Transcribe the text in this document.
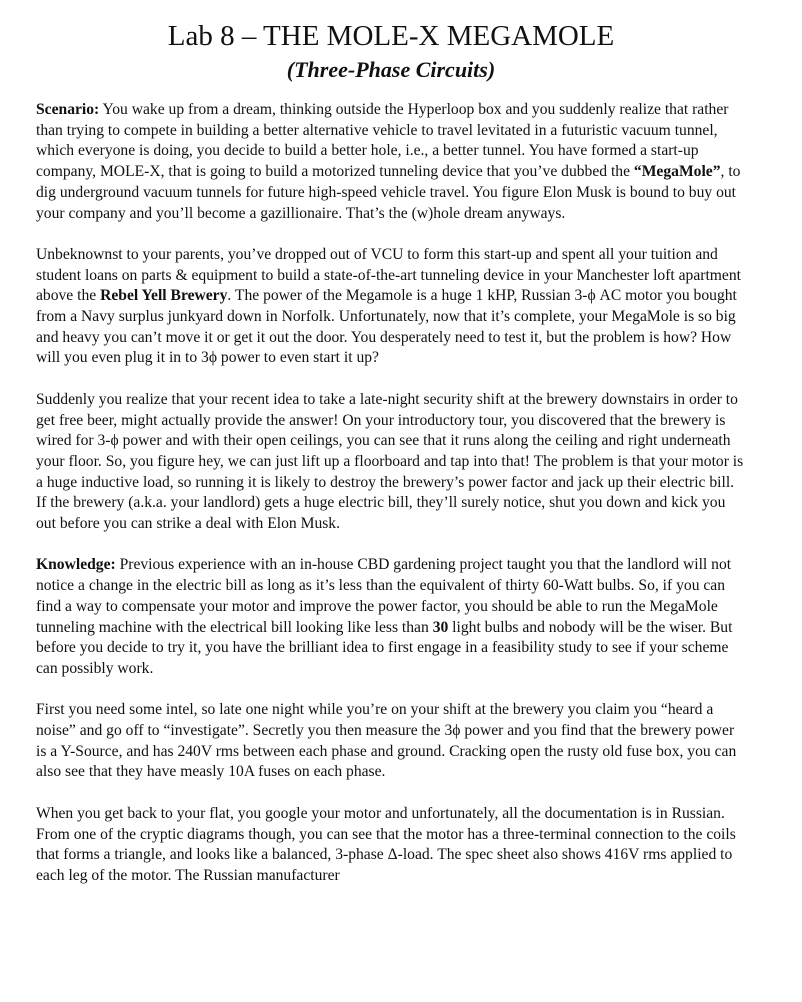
Lab 8 – THE MOLE-X MEGAMOLE
(Three-Phase Circuits)

Scenario: You wake up from a dream, thinking outside the Hyperloop box and you suddenly realize that rather than trying to compete in building a better alternative vehicle to travel levitated in a futuristic vacuum tunnel, which everyone is doing, you decide to build a better hole, i.e., a better tunnel. You have formed a start-up company, MOLE-X, that is going to build a motorized tunneling device that you’ve dubbed the “MegaMole”, to dig underground vacuum tunnels for future high-speed vehicle travel. You figure Elon Musk is bound to buy out your company and you’ll become a gazillionaire. That’s the (w)hole dream anyways.

Unbeknownst to your parents, you’ve dropped out of VCU to form this start-up and spent all your tuition and student loans on parts & equipment to build a state-of-the-art tunneling device in your Manchester loft apartment above the Rebel Yell Brewery. The power of the Megamole is a huge 1 kHP, Russian 3-ϕ AC motor you bought from a Navy surplus junkyard down in Norfolk. Unfortunately, now that it’s complete, your MegaMole is so big and heavy you can’t move it or get it out the door. You desperately need to test it, but the problem is how? How will you even plug it in to 3ϕ power to even start it up?

Suddenly you realize that your recent idea to take a late-night security shift at the brewery downstairs in order to get free beer, might actually provide the answer! On your introductory tour, you discovered that the brewery is wired for 3-ϕ power and with their open ceilings, you can see that it runs along the ceiling and right underneath your floor. So, you figure hey, we can just lift up a floorboard and tap into that! The problem is that your motor is a huge inductive load, so running it is likely to destroy the brewery’s power factor and jack up their electric bill. If the brewery (a.k.a. your landlord) gets a huge electric bill, they’ll surely notice, shut you down and kick you out before you can strike a deal with Elon Musk.

Knowledge: Previous experience with an in-house CBD gardening project taught you that the landlord will not notice a change in the electric bill as long as it’s less than the equivalent of thirty 60-Watt bulbs. So, if you can find a way to compensate your motor and improve the power factor, you should be able to run the MegaMole tunneling machine with the electrical bill looking like less than 30 light bulbs and nobody will be the wiser. But before you decide to try it, you have the brilliant idea to first engage in a feasibility study to see if your scheme can possibly work.

First you need some intel, so late one night while you’re on your shift at the brewery you claim you “heard a noise” and go off to “investigate”. Secretly you then measure the 3ϕ power and you find that the brewery power is a Y-Source, and has 240V rms between each phase and ground. Cracking open the rusty old fuse box, you can also see that they have measly 10A fuses on each phase.

When you get back to your flat, you google your motor and unfortunately, all the documentation is in Russian. From one of the cryptic diagrams though, you can see that the motor has a three-terminal connection to the coils that forms a triangle, and looks like a balanced, 3-phase Δ-load. The spec sheet also shows 416V rms applied to each leg of the motor. The Russian manufacturer
